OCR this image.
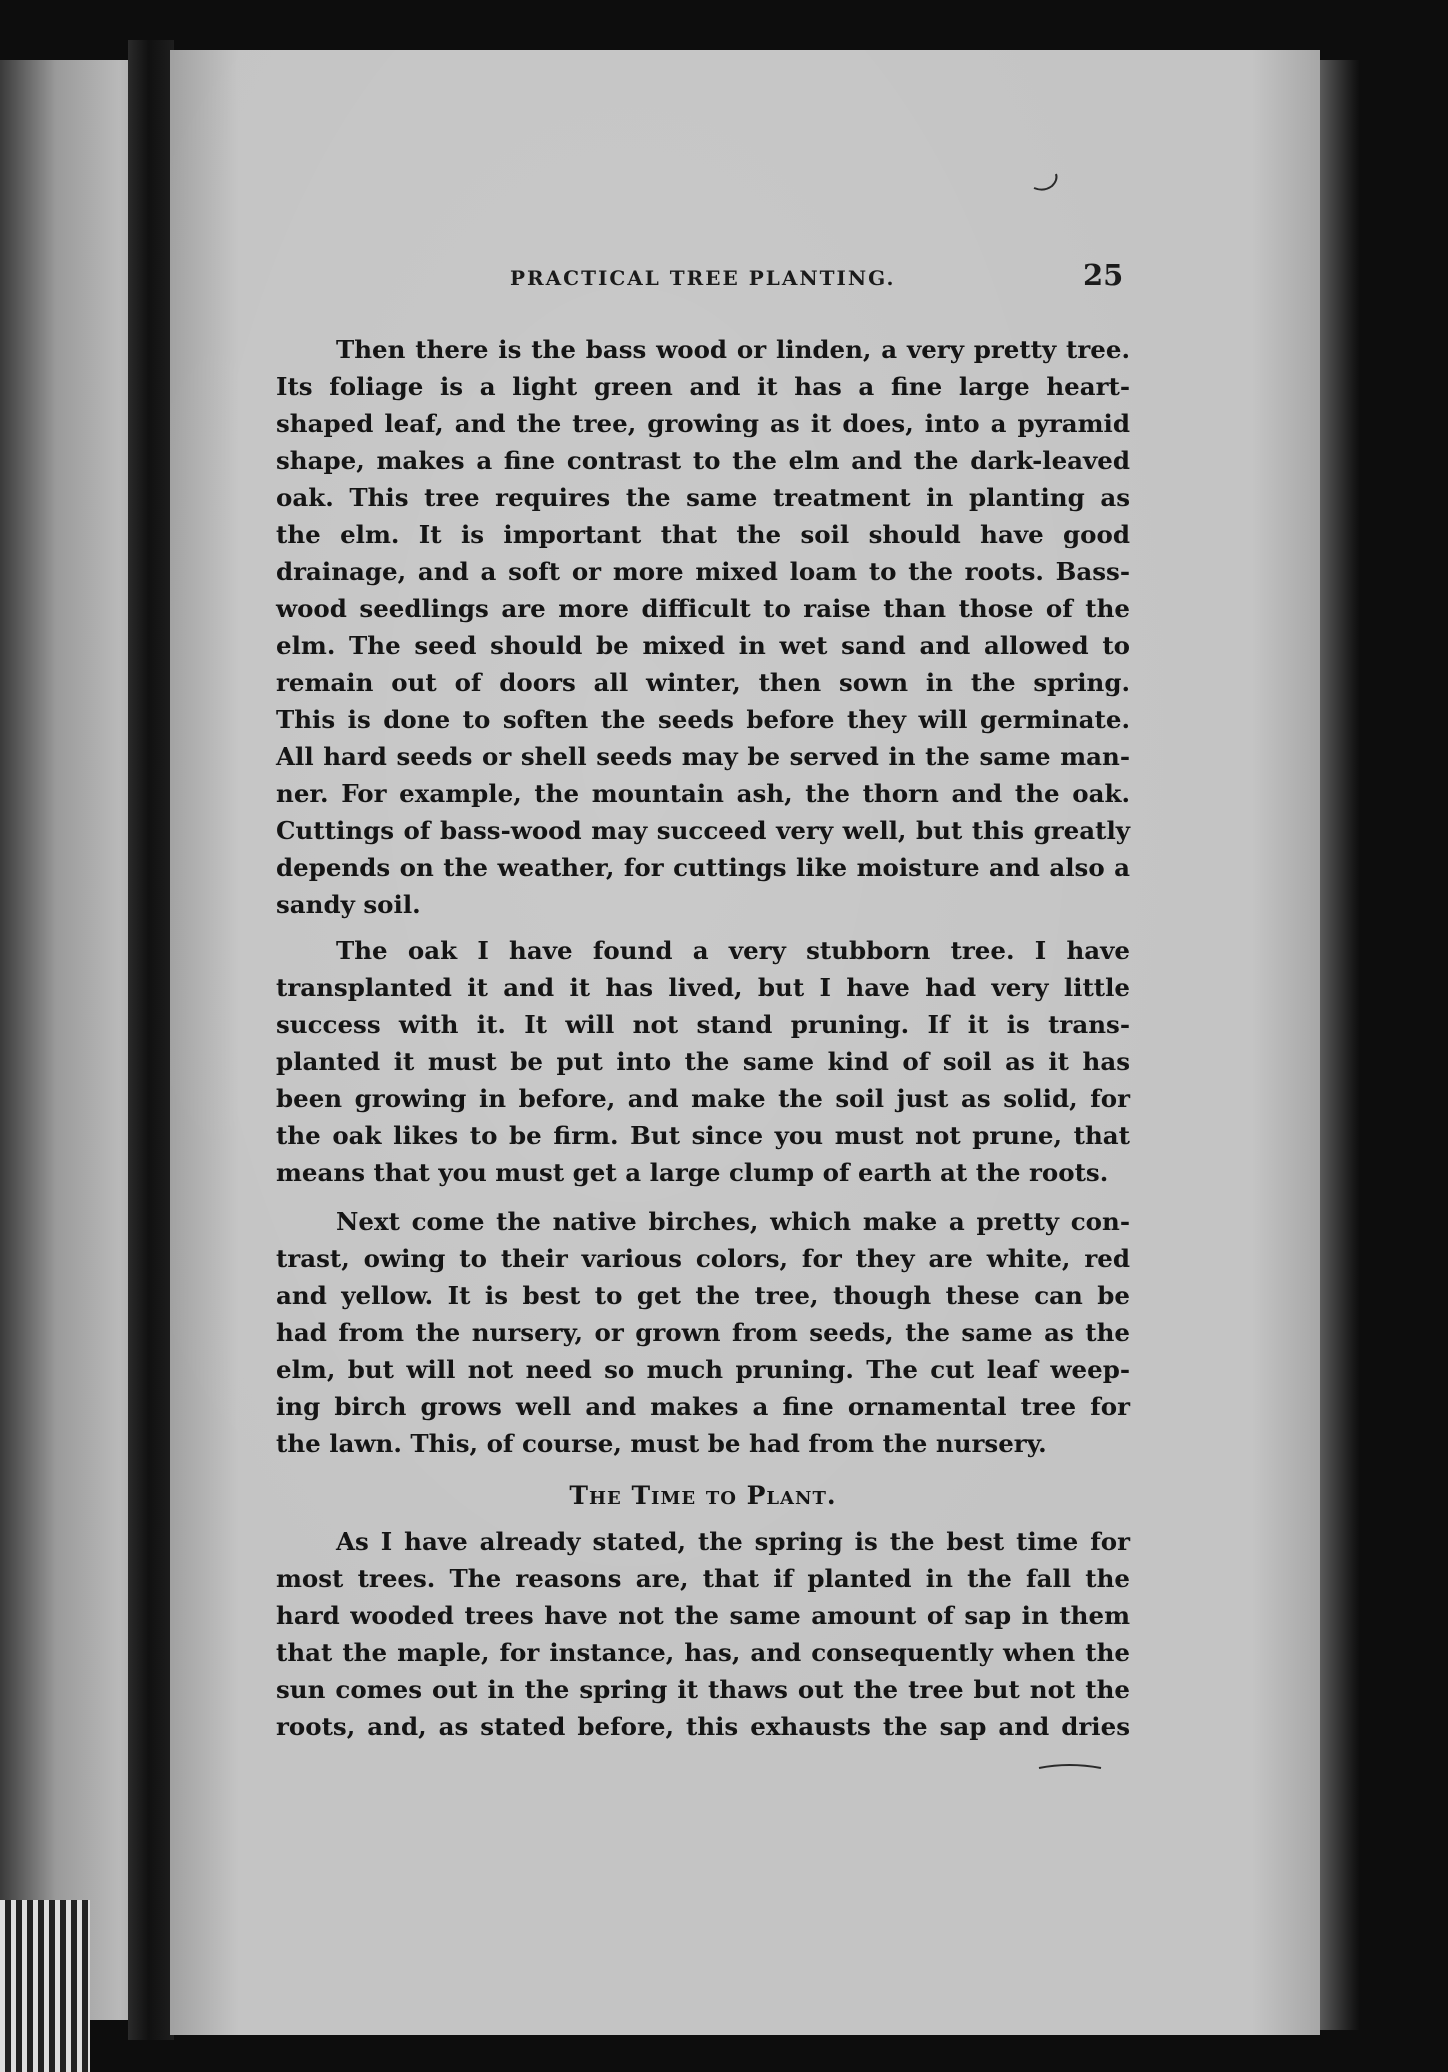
PRACTICAL TREE PLANTING.	25
Then there is the bass wood or linden, a very pretty tree.
Its foliage is a light green and it has a fine large heart-
shaped leaf, and the tree, growing as it does, into a pyramid
shape, makes a fine contrast to the elm and the dark-leaved
oak. This tree requires the same treatment in planting as
the elm. It is important that the soil should have good
drainage, and a soft or more mixed loam to the roots. Bass-
wood seedlings are more difficult to raise than those of the
elm. The seed should be mixed in wet sand and allowed to
remain out of doors all winter, then sown in the spring.
This is done to soften the seeds before they will germinate.
All hard seeds or shell seeds may be served in the same man-
ner. For example, the mountain ash, the thorn and the oak.
Cuttings of bass-wood may succeed very well, but this greatly
depends on the weather, for cuttings like moisture and also a
sandy soil.
The oak I have found a very stubborn tree. I have
transplanted it and it has lived, but I have had very little
success with it. It will not stand pruning. If it is trans-
planted it must be put into the same kind of soil as it has
been growing in before, and make the soil just as solid, for
the oak likes to be firm. But since you must not prune, that
means that you must get a large clump of earth at the roots.
Next come the native birches, which make a pretty con-
trast, owing to their various colors, for they are white, red
and yellow. It is best to get the tree, though these can be
had from the nursery, or grown from seeds, the same as the
elm, but will not need so much pruning. The cut leaf weep-
ing birch grows well and makes a fine ornamental tree for
the lawn. This, of course, must be had from the nursery.
The Time to Plant.
As I have already stated, the spring is the best time for
most trees. The reasons are, that if planted in the fall the
hard wooded trees have not the same amount of sap in them
that the maple, for instance, has, and consequently when the
sun comes out in the spring it thaws out the tree but not the
roots, and, as stated before, this exhausts the sap and dries
